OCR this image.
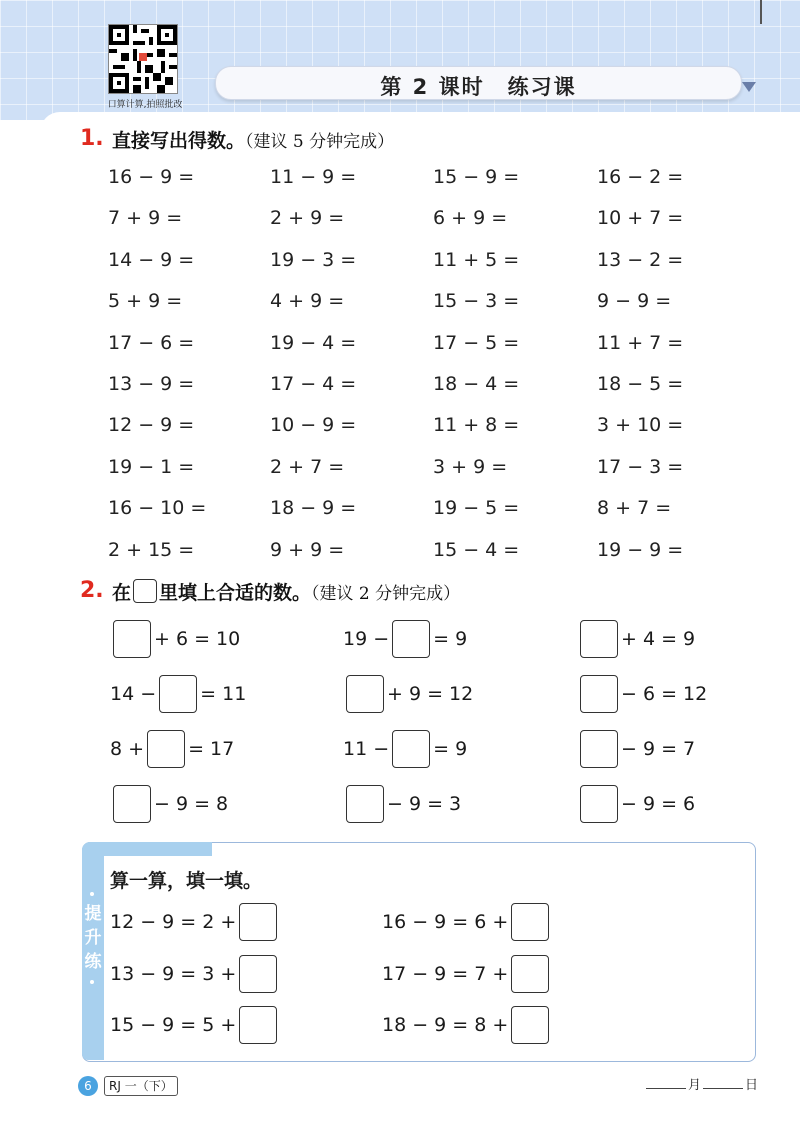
口算计算,拍照批改
第 2 课时　练习课
1. 直接写出得数。（建议 5 分钟完成）
16 − 9 =	11 − 9 =	15 − 9 =	16 − 2 =
7 + 9 =	2 + 9 =	6 + 9 =	10 + 7 =
14 − 9 =	19 − 3 =	11 + 5 =	13 − 2 =
5 + 9 =	4 + 9 =	15 − 3 =	9 − 9 =
17 − 6 =	19 − 4 =	17 − 5 =	11 + 7 =
13 − 9 =	17 − 4 =	18 − 4 =	18 − 5 =
12 − 9 =	10 − 9 =	11 + 8 =	3 + 10 =
19 − 1 =	2 + 7 =	3 + 9 =	17 − 3 =
16 − 10 =	18 − 9 =	19 − 5 =	8 + 7 =
2 + 15 =	9 + 9 =	15 − 4 =	19 − 9 =
2. 在 里填上合适的数。（建议 2 分钟完成）
+ 6 = 10	19 − = 9	+ 4 = 9
14 − = 11	+ 9 = 12	− 6 = 12
8 + = 17	11 − = 9	− 9 = 7
− 9 = 8	− 9 = 3	− 9 = 6
提
升
练
算一算，填一填。
12 − 9 = 2 +	16 − 9 = 6 +
13 − 9 = 3 +	17 − 9 = 7 +
15 − 9 = 5 +	18 − 9 = 8 +
6	RJ 一（下）	月	日
